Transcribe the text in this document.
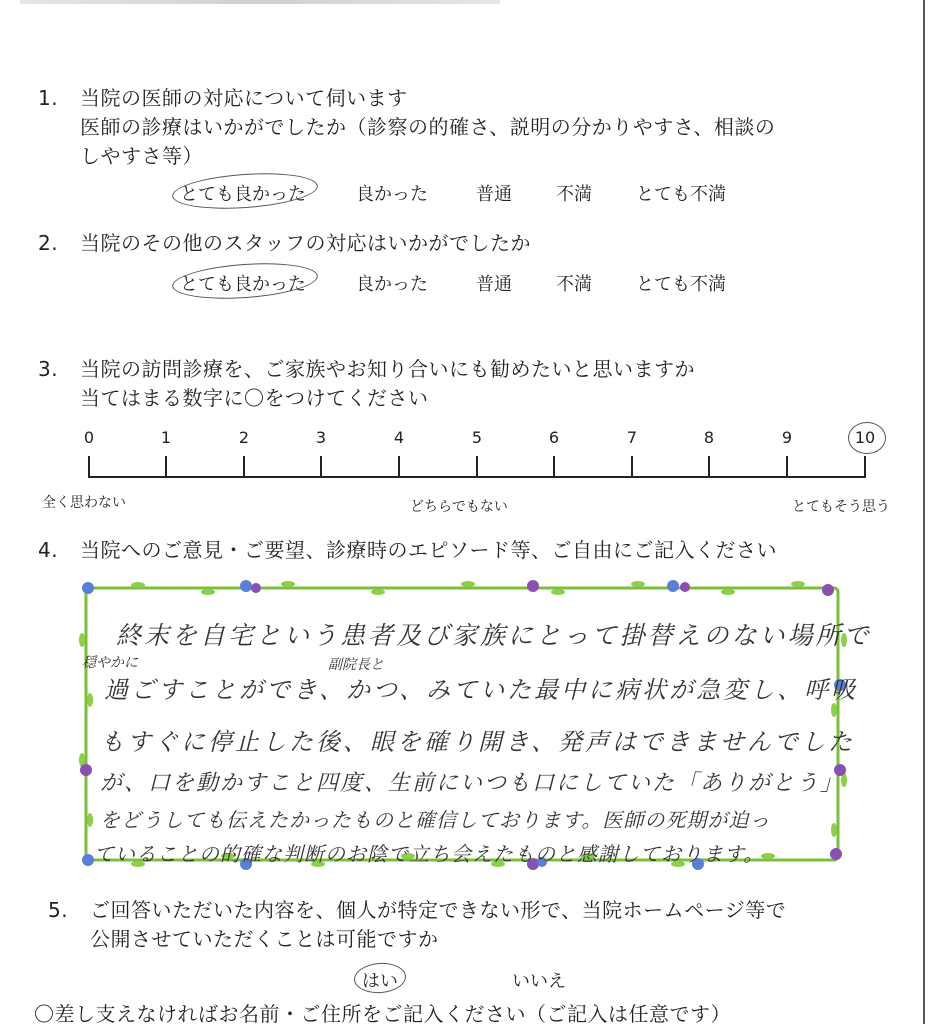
1. 当院の医師の対応について伺います
医師の診療はいかがでしたか（診察の的確さ、説明の分かりやすさ、相談の
しやすさ等）
とても良かった	良かった	普通 不満 とても不満
2. 当院のその他のスタッフの対応はいかがでしたか
とても良かった	良かった	普通 不満 とても不満
3. 当院の訪問診療を、ご家族やお知り合いにも勧めたいと思いますか
当てはまる数字に〇をつけてください
0	1	2	3	4	5	6	7	8	9	10
全く思わない	どちらでもない	とてもそう思う
4. 当院へのご意見・ご要望、診療時のエピソード等、ご自由にご記入ください
穏やかに	副院長と
終末を自宅という患者及び家族にとって掛替えのない場所で
過ごすことができ、かつ、みていた最中に病状が急変し、呼吸
もすぐに停止した後、眼を確り開き、発声はできませんでした
が、口を動かすこと四度、生前にいつも口にしていた「ありがとう」
をどうしても伝えたかったものと確信しております。医師の死期が迫っ
ていることの的確な判断のお陰で立ち会えたものと感謝しております。
5. ご回答いただいた内容を、個人が特定できない形で、当院ホームページ等で
公開させていただくことは可能ですか
はい	いいえ
〇差し支えなければお名前・ご住所をご記入ください（ご記入は任意です）
